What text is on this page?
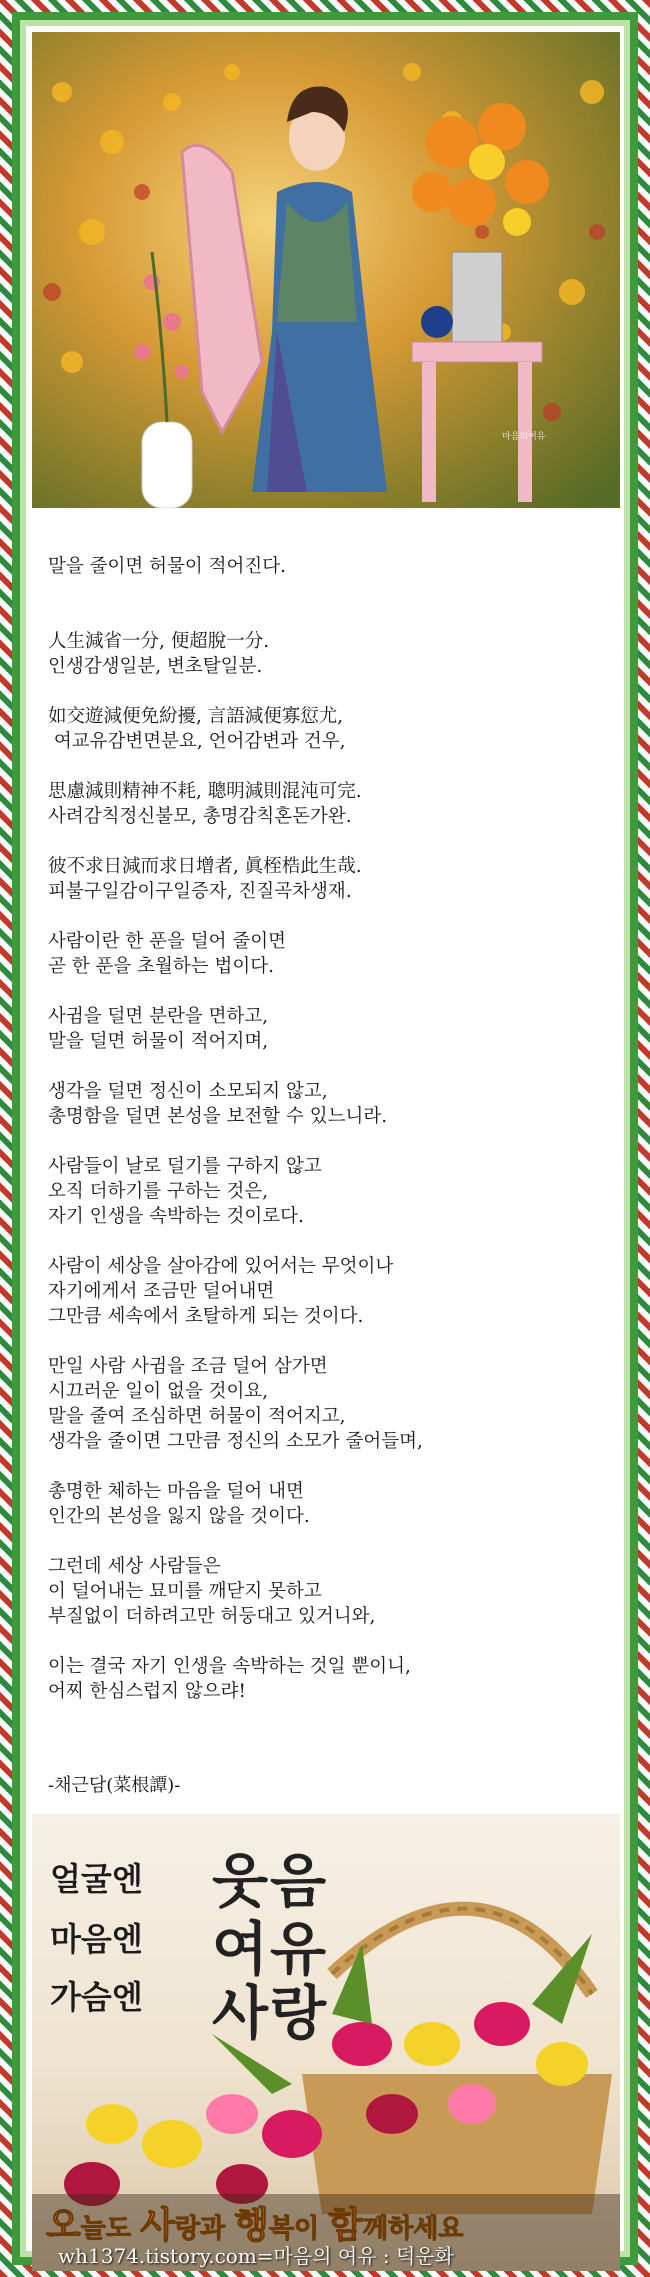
마음의여유
말을 줄이면 허물이 적어진다.
人生減省一分, 便超脫一分.
인생감생일분, 변초탈일분.
如交遊減便免紛擾, 言語減便寡愆尤,
여교유감변면분요, 언어감변과 건우,
思慮減則精神不耗, 聰明減則混沌可完.
사려감칙정신불모, 총명감칙혼돈가완.
彼不求日減而求日增者, 眞桎梏此生哉.
피불구일감이구일증자, 진질곡차생재.
사람이란 한 푼을 덜어 줄이면
곧 한 푼을 초월하는 법이다.
사귐을 덜면 분란을 면하고,
말을 덜면 허물이 적어지며,
생각을 덜면 정신이 소모되지 않고,
총명함을 덜면 본성을 보전할 수 있느니라.
사람들이 날로 덜기를 구하지 않고
오직 더하기를 구하는 것은,
자기 인생을 속박하는 것이로다.
사람이 세상을 살아감에 있어서는 무엇이나
자기에게서 조금만 덜어내면
그만큼 세속에서 초탈하게 되는 것이다.
만일 사람 사귐을 조금 덜어 삼가면
시끄러운 일이 없을 것이요,
말을 줄여 조심하면 허물이 적어지고,
생각을 줄이면 그만큼 정신의 소모가 줄어들며,
총명한 체하는 마음을 덜어 내면
인간의 본성을 잃지 않을 것이다.
그런데 세상 사람들은
이 덜어내는 묘미를 깨닫지 못하고
부질없이 더하려고만 허둥대고 있거니와,
이는 결국 자기 인생을 속박하는 것일 뿐이니,
어찌 한심스럽지 않으랴!
-채근담(菜根譚)-
얼굴엔
마음엔
가슴엔
웃음
여유
사랑
오늘도 사랑과 행복이 함께하세요
wh1374.tistory.com=마음의 여유 : 덕운화
